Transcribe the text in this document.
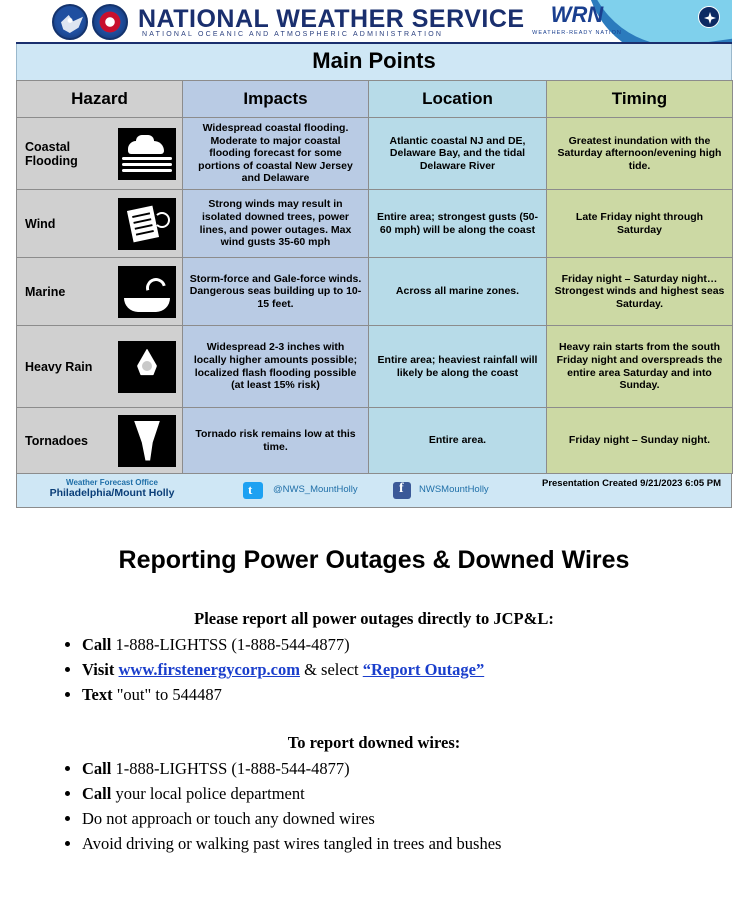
NATIONAL WEATHER SERVICE
NATIONAL OCEANIC AND ATMOSPHERIC ADMINISTRATION
WRN
WEATHER-READY NATION
Main Points
Hazard	Impacts	Location	Timing

Coastal Flooding	Widespread coastal flooding. Moderate to major coastal flooding forecast for some portions of coastal New Jersey and Delaware	Atlantic coastal NJ and DE, Delaware Bay, and the tidal Delaware River	Greatest inundation with the Saturday afternoon/evening high tide.

Wind	Strong winds may result in isolated downed trees, power lines, and power outages. Max wind gusts 35-60 mph	Entire area; strongest gusts (50-60 mph) will be along the coast	Late Friday night through Saturday

Marine	Storm-force and Gale-force winds. Dangerous seas building up to 10-15 feet.	Across all marine zones.	Friday night – Saturday night… Strongest winds and highest seas Saturday.

Heavy Rain	Widespread 2-3 inches with locally higher amounts possible; localized flash flooding possible (at least 15% risk)	Entire area; heaviest rainfall will likely be along the coast	Heavy rain starts from the south Friday night and overspreads the entire area Saturday and into Sunday.

Tornadoes	Tornado risk remains low at this time.	Entire area.	Friday night – Sunday night.
Weather Forecast Office
Philadelphia/Mount Holly t	@NWS_MountHolly f	NWSMountHolly
Presentation Created 9/21/2023 6:05 PM
Reporting Power Outages & Downed Wires
Please report all power outages directly to JCP&L:
• Call 1-888-LIGHTSS (1-888-544-4877)
• Visit www.firstenergycorp.com & select “Report Outage”
• Text "out" to 544487
To report downed wires:
• Call 1-888-LIGHTSS (1-888-544-4877)
• Call your local police department
• Do not approach or touch any downed wires
• Avoid driving or walking past wires tangled in trees and bushes
